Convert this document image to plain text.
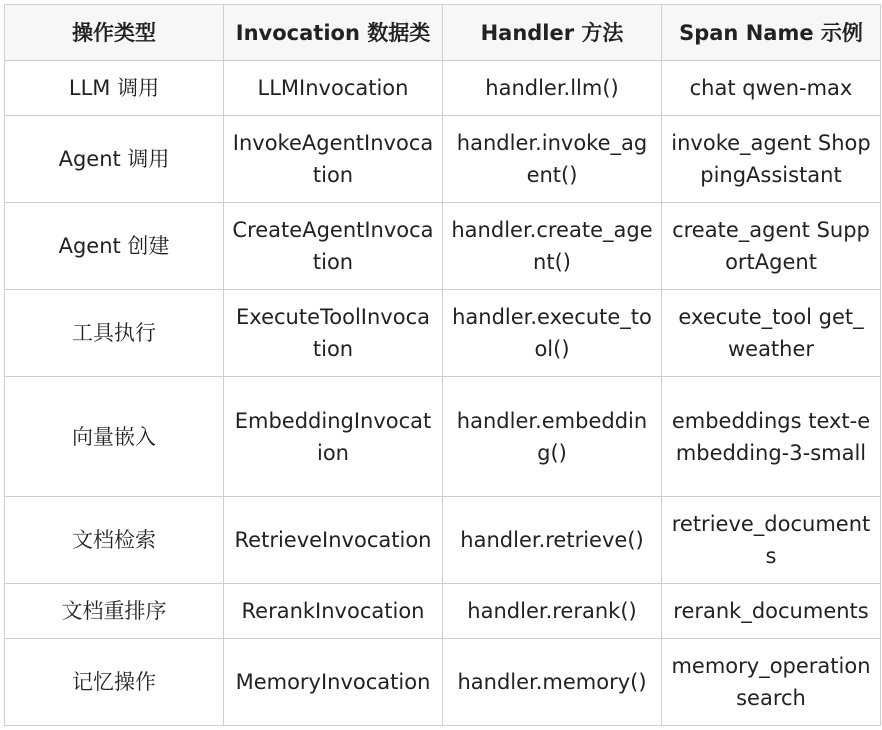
操作类型	Invocation 数据类	Handler 方法	Span Name 示例
LLM 调用	LLMInvocation	handler.llm()	chat qwen-max
Agent 调用	InvokeAgentInvocation	handler.invoke_agent()	invoke_agent ShoppingAssistant
Agent 创建	CreateAgentInvocation	handler.create_agent()	create_agent SupportAgent
工具执行	ExecuteToolInvocation	handler.execute_tool()	execute_tool get_weather
向量嵌入	EmbeddingInvocation	handler.embedding()	embeddings text-embedding-3-small
文档检索	RetrieveInvocation	handler.retrieve()	retrieve_documents
文档重排序	RerankInvocation	handler.rerank()	rerank_documents
记忆操作	MemoryInvocation	handler.memory()	memory_operation search
